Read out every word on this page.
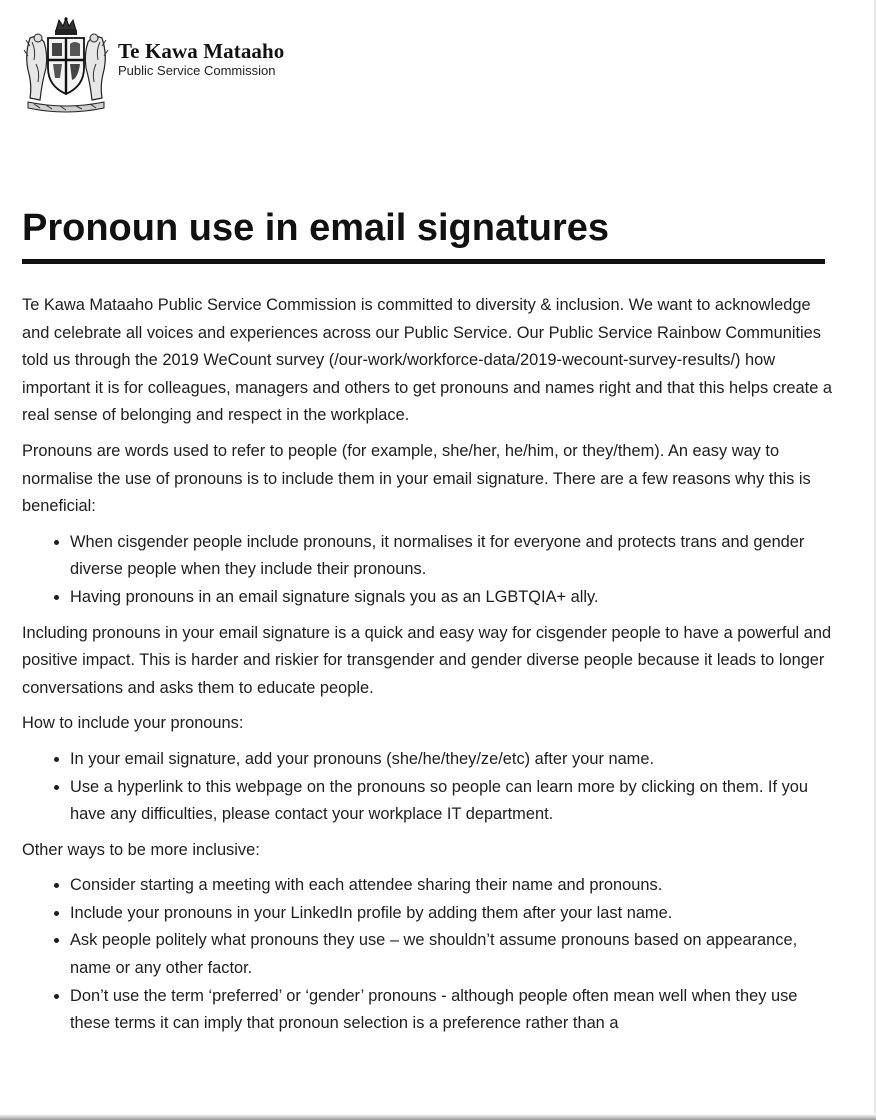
Te Kawa Mataaho
Public Service Commission
Pronoun use in email signatures

Te Kawa Mataaho Public Service Commission is committed to diversity & inclusion. We want to acknowledge and celebrate all voices and experiences across our Public Service. Our Public Service Rainbow Communities told us through the 2019 WeCount survey (/our-work/workforce-data/2019-wecount-survey-results/) how important it is for colleagues, managers and others to get pronouns and names right and that this helps create a real sense of belonging and respect in the workplace.

Pronouns are words used to refer to people (for example, she/her, he/him, or they/them). An easy way to normalise the use of pronouns is to include them in your email signature. There are a few reasons why this is beneficial:

• When cisgender people include pronouns, it normalises it for everyone and protects trans and gender diverse people when they include their pronouns.
• Having pronouns in an email signature signals you as an LGBTQIA+ ally.

Including pronouns in your email signature is a quick and easy way for cisgender people to have a powerful and positive impact. This is harder and riskier for transgender and gender diverse people because it leads to longer conversations and asks them to educate people.

How to include your pronouns:

• In your email signature, add your pronouns (she/he/they/ze/etc) after your name.
• Use a hyperlink to this webpage on the pronouns so people can learn more by clicking on them. If you have any difficulties, please contact your workplace IT department.

Other ways to be more inclusive:

• Consider starting a meeting with each attendee sharing their name and pronouns.
• Include your pronouns in your LinkedIn profile by adding them after your last name.
• Ask people politely what pronouns they use – we shouldn’t assume pronouns based on appearance, name or any other factor.
• Don’t use the term ‘preferred’ or ‘gender’ pronouns - although people often mean well when they use these terms it can imply that pronoun selection is a preference rather than a
